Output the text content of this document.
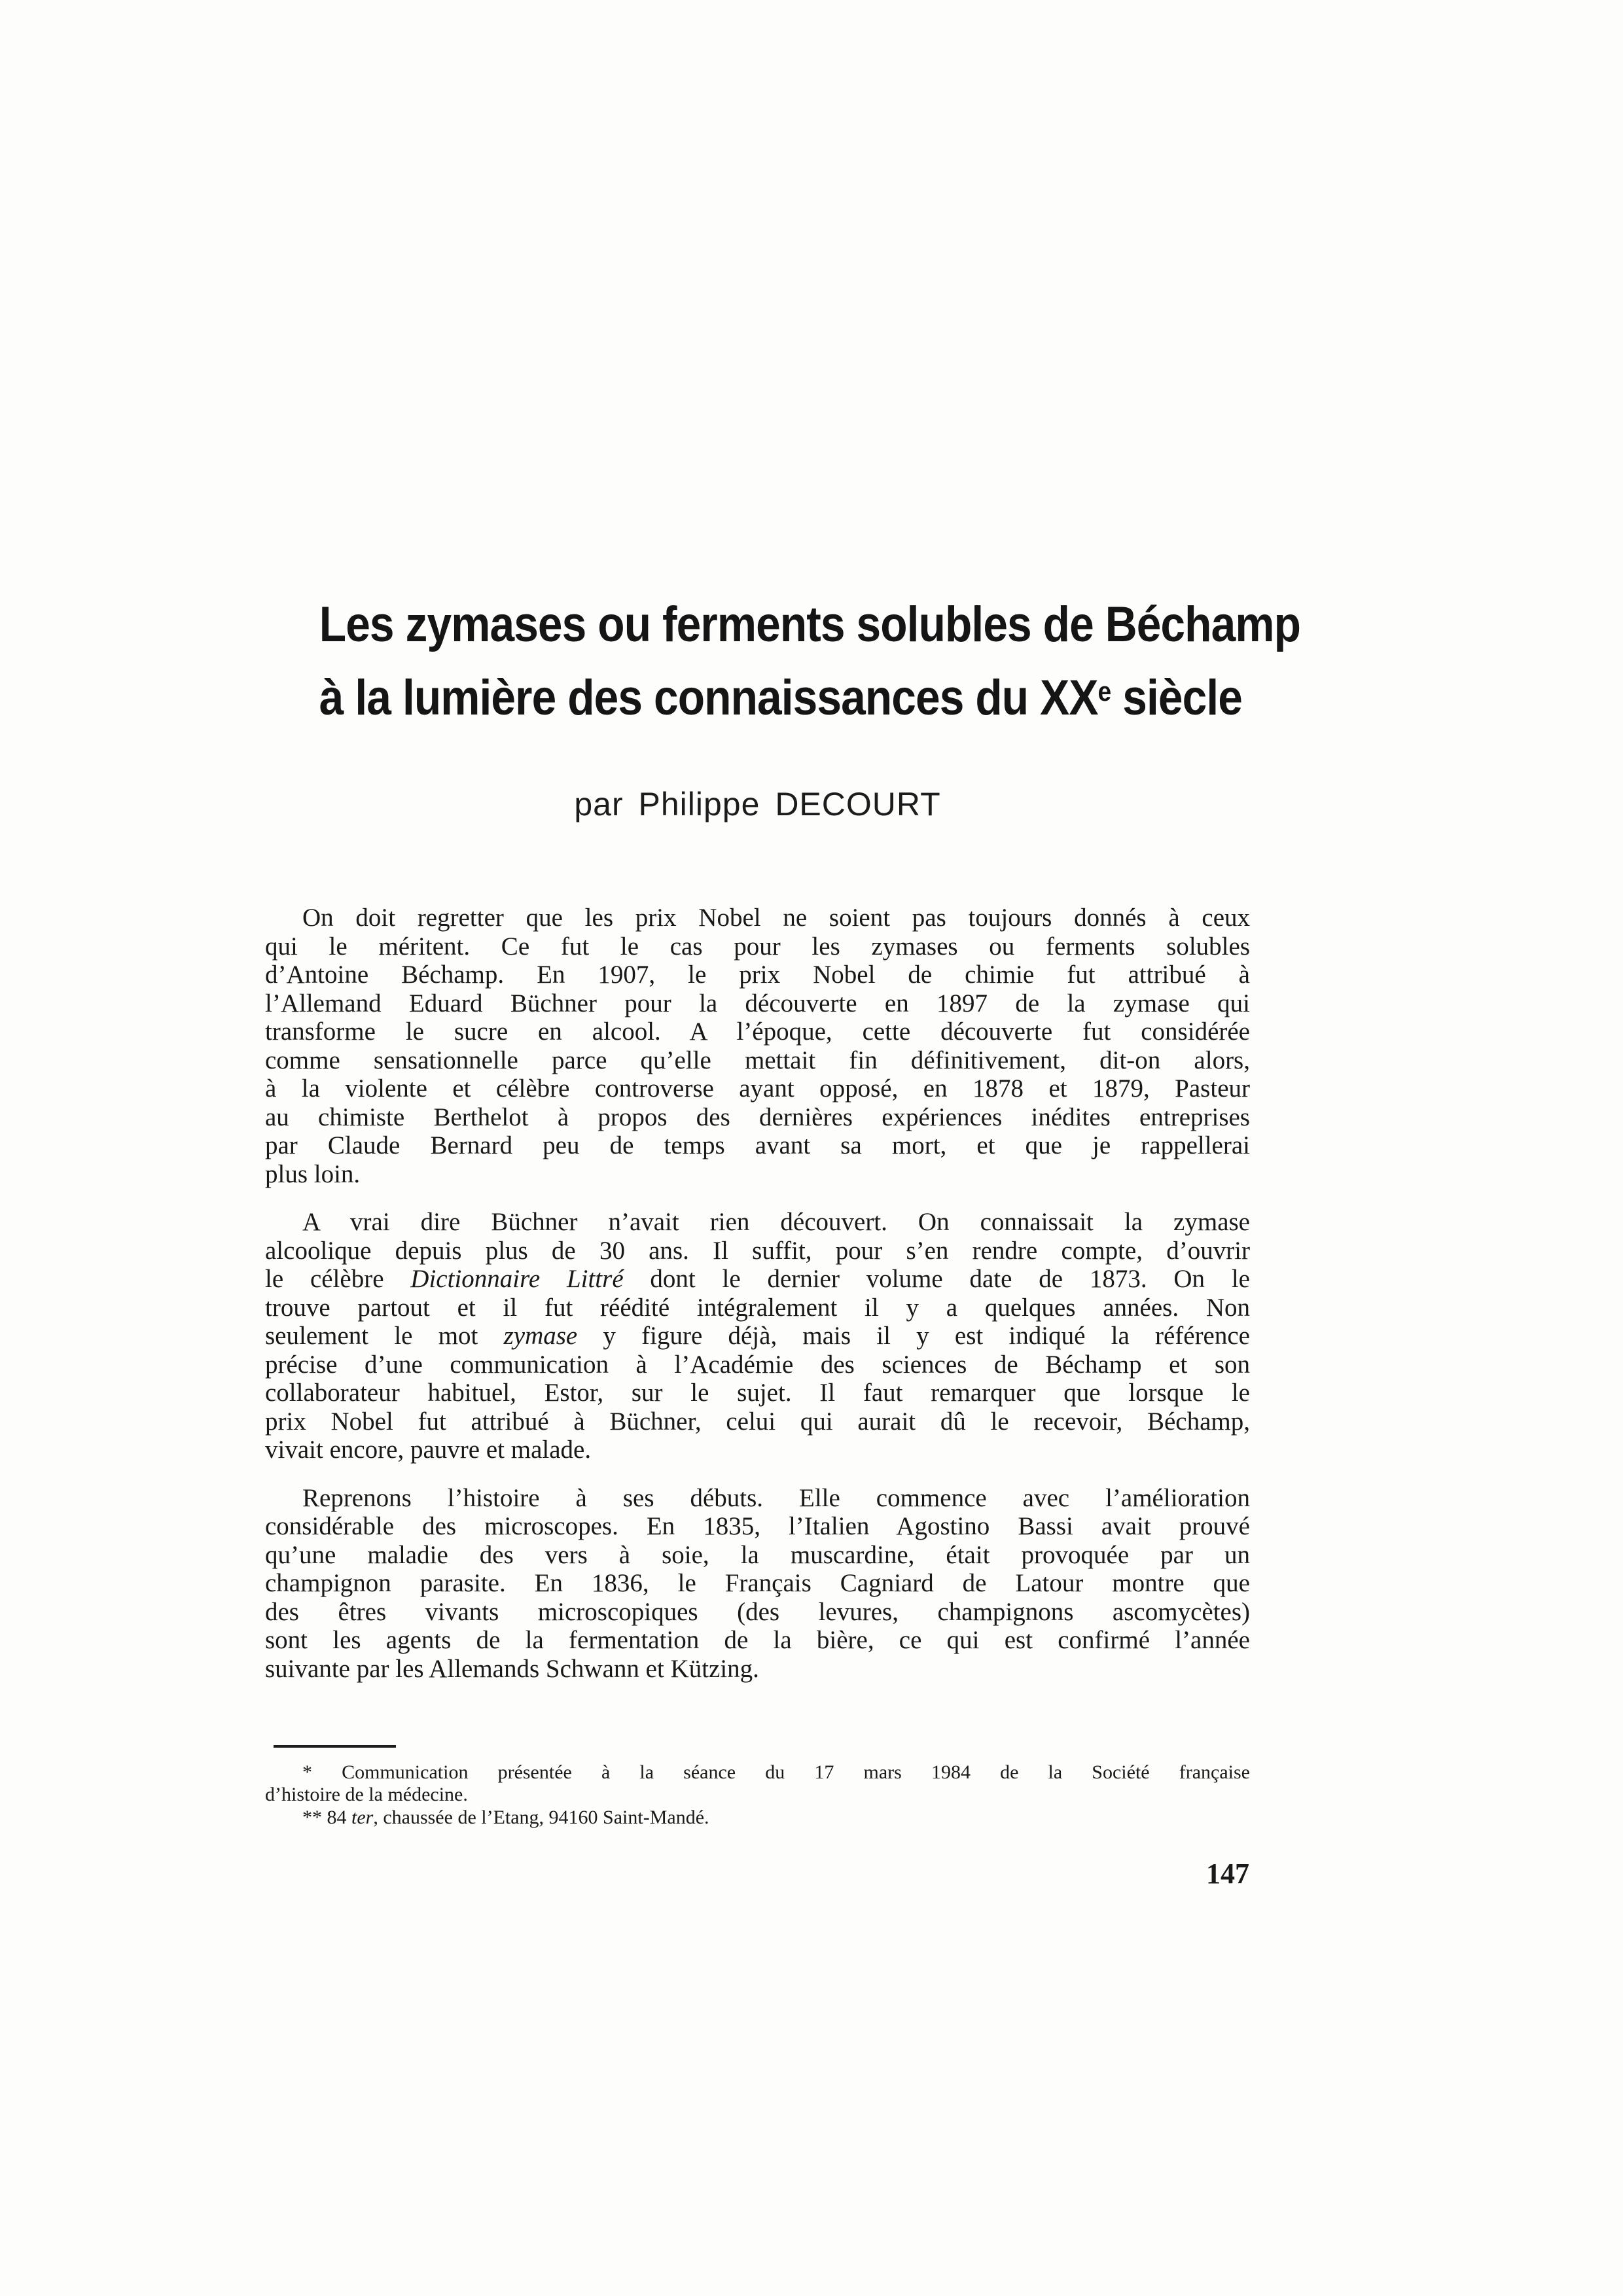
Les zymases ou ferments solubles de Béchamp
à la lumière des connaissances du XXe siècle
par Philippe DECOURT
On doit regretter que les prix Nobel ne soient pas toujours donnés à ceux
qui le méritent. Ce fut le cas pour les zymases ou ferments solubles
d’Antoine Béchamp. En 1907, le prix Nobel de chimie fut attribué à
l’Allemand Eduard Büchner pour la découverte en 1897 de la zymase qui
transforme le sucre en alcool. A l’époque, cette découverte fut considérée
comme sensationnelle parce qu’elle mettait fin définitivement, dit-on alors,
à la violente et célèbre controverse ayant opposé, en 1878 et 1879, Pasteur
au chimiste Berthelot à propos des dernières expériences inédites entreprises
par Claude Bernard peu de temps avant sa mort, et que je rappellerai
plus loin.
A vrai dire Büchner n’avait rien découvert. On connaissait la zymase
alcoolique depuis plus de 30 ans. Il suffit, pour s’en rendre compte, d’ouvrir
le célèbre Dictionnaire Littré dont le dernier volume date de 1873. On le
trouve partout et il fut réédité intégralement il y a quelques années. Non
seulement le mot zymase y figure déjà, mais il y est indiqué la référence
précise d’une communication à l’Académie des sciences de Béchamp et son
collaborateur habituel, Estor, sur le sujet. Il faut remarquer que lorsque le
prix Nobel fut attribué à Büchner, celui qui aurait dû le recevoir, Béchamp,
vivait encore, pauvre et malade.
Reprenons l’histoire à ses débuts. Elle commence avec l’amélioration
considérable des microscopes. En 1835, l’Italien Agostino Bassi avait prouvé
qu’une maladie des vers à soie, la muscardine, était provoquée par un
champignon parasite. En 1836, le Français Cagniard de Latour montre que
des êtres vivants microscopiques (des levures, champignons ascomycètes)
sont les agents de la fermentation de la bière, ce qui est confirmé l’année
suivante par les Allemands Schwann et Kützing.
* Communication présentée à la séance du 17 mars 1984 de la Société française
d’histoire de la médecine.
** 84 ter, chaussée de l’Etang, 94160 Saint-Mandé.
147
